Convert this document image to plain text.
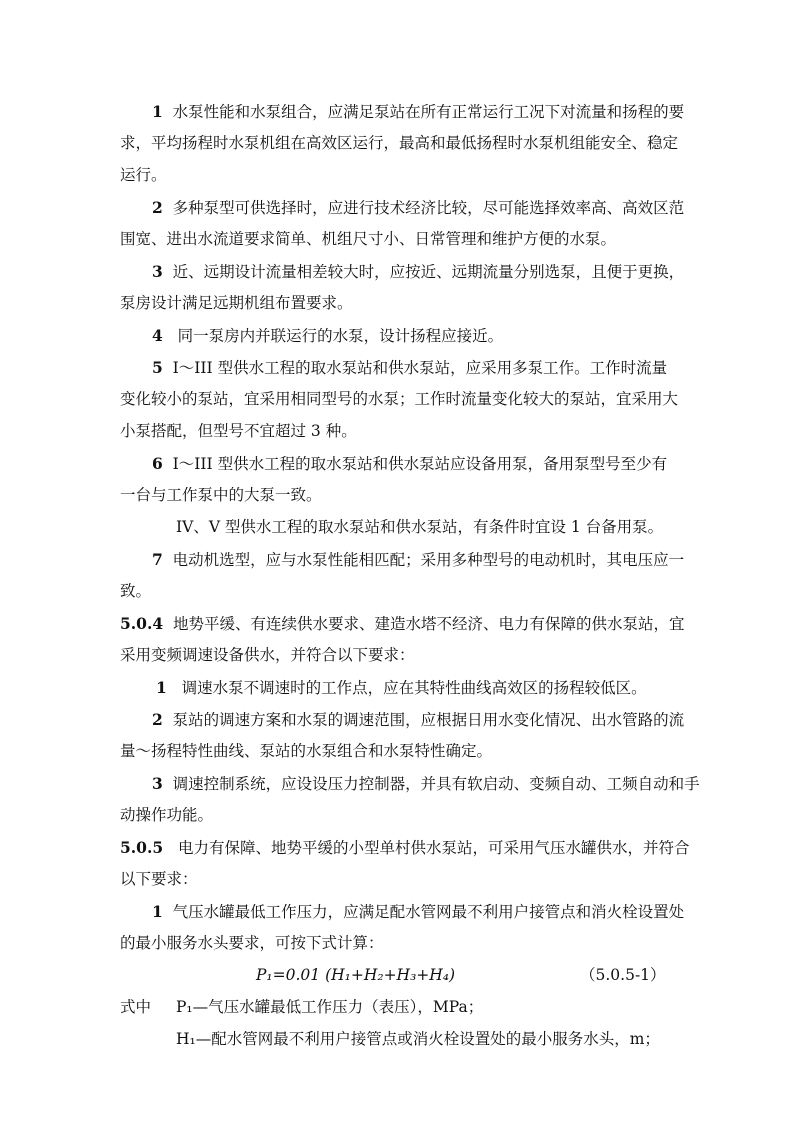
1 水泵性能和水泵组合，应满足泵站在所有正常运行工况下对流量和扬程的要
求，平均扬程时水泵机组在高效区运行，最高和最低扬程时水泵机组能安全、稳定
运行。
2 多种泵型可供选择时，应进行技术经济比较，尽可能选择效率高、高效区范
围宽、进出水流道要求简单、机组尺寸小、日常管理和维护方便的水泵。
3 近、远期设计流量相差较大时，应按近、远期流量分别选泵，且便于更换，
泵房设计满足远期机组布置要求。
4 同一泵房内并联运行的水泵，设计扬程应接近。
5 I～III 型供水工程的取水泵站和供水泵站，应采用多泵工作。工作时流量
变化较小的泵站，宜采用相同型号的水泵；工作时流量变化较大的泵站，宜采用大
小泵搭配，但型号不宜超过 3 种。
6 I～III 型供水工程的取水泵站和供水泵站应设备用泵，备用泵型号至少有
一台与工作泵中的大泵一致。
IV、V 型供水工程的取水泵站和供水泵站，有条件时宜设 1 台备用泵。
7 电动机选型，应与水泵性能相匹配；采用多种型号的电动机时，其电压应一
致。
5.0.4 地势平缓、有连续供水要求、建造水塔不经济、电力有保障的供水泵站，宜
采用变频调速设备供水，并符合以下要求：
1 调速水泵不调速时的工作点，应在其特性曲线高效区的扬程较低区。
2 泵站的调速方案和水泵的调速范围，应根据日用水变化情况、出水管路的流
量～扬程特性曲线、泵站的水泵组合和水泵特性确定。
3 调速控制系统，应设设压力控制器，并具有软启动、变频自动、工频自动和手
动操作功能。
5.0.5 电力有保障、地势平缓的小型单村供水泵站，可采用气压水罐供水，并符合
以下要求：
1 气压水罐最低工作压力，应满足配水管网最不利用户接管点和消火栓设置处
的最小服务水头要求，可按下式计算：
P₁=0.01 (H₁+H₂+H₃+H₄)	（5.0.5-1）
式中 P₁—气压水罐最低工作压力（表压），MPa；
H₁—配水管网最不利用户接管点或消火栓设置处的最小服务水头，m；
